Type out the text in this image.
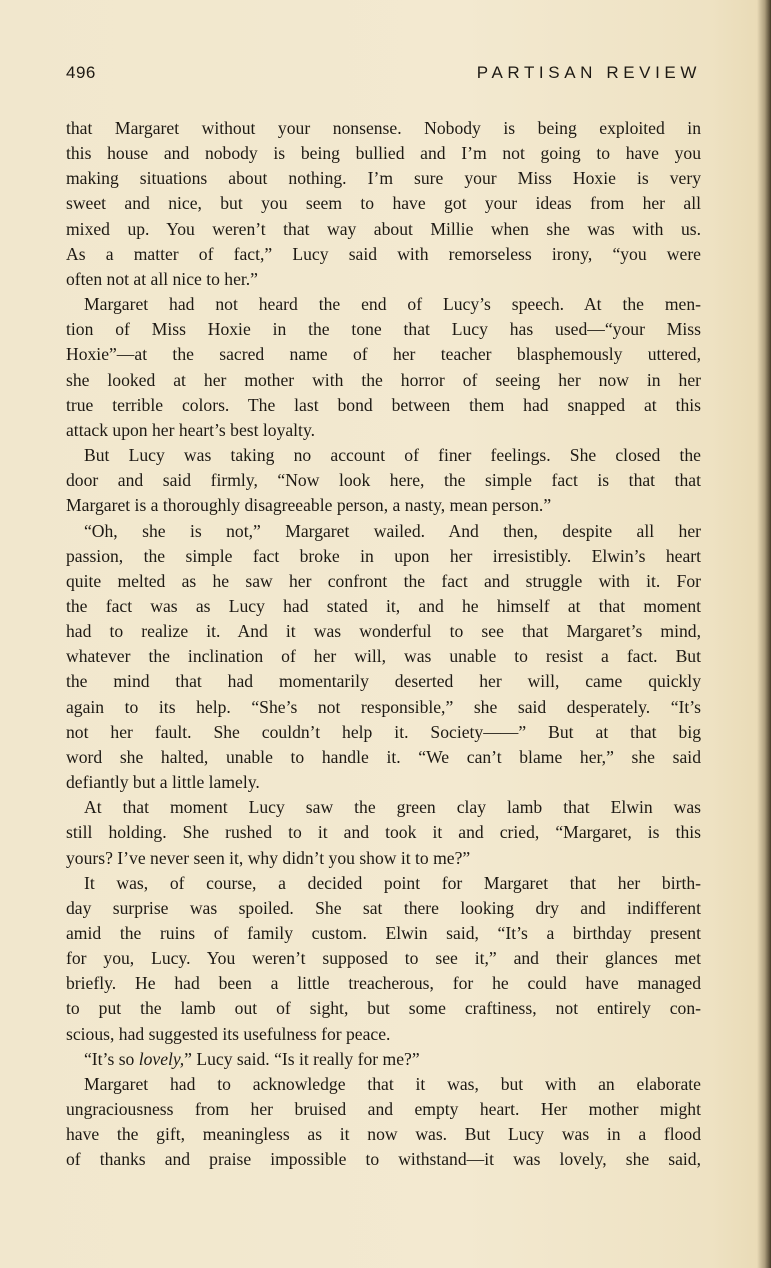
496	PARTISAN REVIEW

that Margaret without your nonsense. Nobody is being exploited in

this house and nobody is being bullied and I’m not going to have you

making situations about nothing. I’m sure your Miss Hoxie is very

sweet and nice, but you seem to have got your ideas from her all

mixed up. You weren’t that way about Millie when she was with us.

As a matter of fact,” Lucy said with remorseless irony, “you were

often not at all nice to her.”

Margaret had not heard the end of Lucy’s speech. At the men-

tion of Miss Hoxie in the tone that Lucy has used—“your Miss

Hoxie”—at the sacred name of her teacher blasphemously uttered,

she looked at her mother with the horror of seeing her now in her

true terrible colors. The last bond between them had snapped at this

attack upon her heart’s best loyalty.

But Lucy was taking no account of finer feelings. She closed the

door and said firmly, “Now look here, the simple fact is that that

Margaret is a thoroughly disagreeable person, a nasty, mean person.”

“Oh, she is not,” Margaret wailed. And then, despite all her

passion, the simple fact broke in upon her irresistibly. Elwin’s heart

quite melted as he saw her confront the fact and struggle with it. For

the fact was as Lucy had stated it, and he himself at that moment

had to realize it. And it was wonderful to see that Margaret’s mind,

whatever the inclination of her will, was unable to resist a fact. But

the mind that had momentarily deserted her will, came quickly

again to its help. “She’s not responsible,” she said desperately. “It’s

not her fault. She couldn’t help it. Society——” But at that big

word she halted, unable to handle it. “We can’t blame her,” she said

defiantly but a little lamely.

At that moment Lucy saw the green clay lamb that Elwin was

still holding. She rushed to it and took it and cried, “Margaret, is this

yours? I’ve never seen it, why didn’t you show it to me?”

It was, of course, a decided point for Margaret that her birth-

day surprise was spoiled. She sat there looking dry and indifferent

amid the ruins of family custom. Elwin said, “It’s a birthday present

for you, Lucy. You weren’t supposed to see it,” and their glances met

briefly. He had been a little treacherous, for he could have managed

to put the lamb out of sight, but some craftiness, not entirely con-

scious, had suggested its usefulness for peace.

“It’s so lovely,” Lucy said. “Is it really for me?”

Margaret had to acknowledge that it was, but with an elaborate

ungraciousness from her bruised and empty heart. Her mother might

have the gift, meaningless as it now was. But Lucy was in a flood

of thanks and praise impossible to withstand—it was lovely, she said,
